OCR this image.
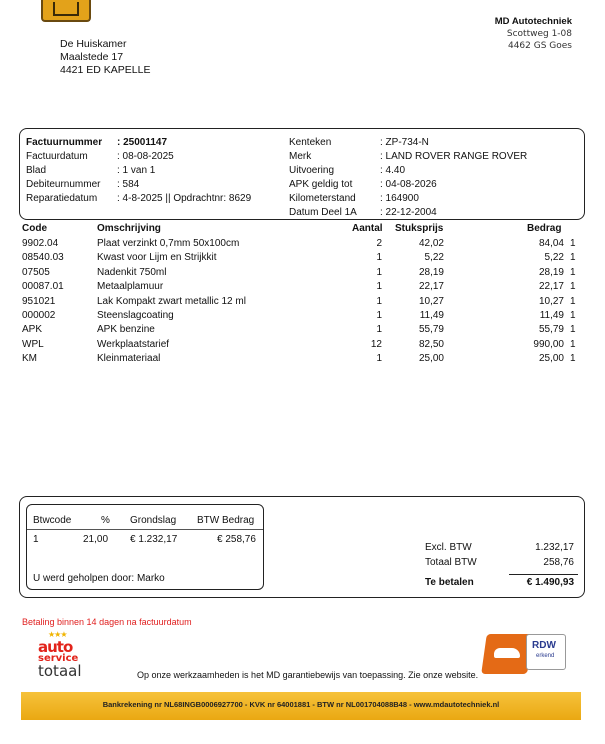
MD Autotechniek
Scottweg 1-08
4462 GS Goes
De Huiskamer
Maalstede 17
4421 ED KAPELLE
Factuurnummer : 25001147	Kenteken	: ZP-734-N
Factuurdatum	: 08-08-2025	Merk	: LAND ROVER RANGE ROVER
Blad	: 1 van 1	Uitvoering	: 4.40
Debiteurnummer : 584	APK geldig tot	: 04-08-2026
Reparatiedatum : 4-8-2025 || Opdrachtnr: 8629	Kilometerstand : 164900
Datum Deel 1A : 22-12-2004
Code	Omschrijving	Aantal Stuksprijs	Bedrag
9902.04	Plaat verzinkt 0,7mm 50x100cm	2	42,02	84,04 1
08540.03	Kwast voor Lijm en Strijkkit	1	5,22	5,22 1
07505	Nadenkit 750ml	1	28,19	28,19 1
00087.01	Metaalplamuur	1	22,17	22,17 1
951021	Lak Kompakt zwart metallic 12 ml	1	10,27	10,27 1
000002	Steenslagcoating	1	11,49	11,49 1
APK	APK benzine	1	55,79	55,79 1
WPL	Werkplaatstarief	12	82,50	990,00 1
KM	Kleinmateriaal	1	25,00	25,00 1
Btwcode	% Grondslag BTW Bedrag
1	21,00 € 1.232,17	€ 258,76
U werd geholpen door: Marko
Excl. BTW	1.232,17
Totaal BTW	258,76
Te betalen	€ 1.490,93
Betaling binnen 14 dagen na factuurdatum
★★★
auto
service
totaal	Op onze werkzaamheden is het MD garantiebewijs van toepassing. Zie onze website.
RDW
erkend
Bankrekening nr NL68INGB0006927700 - KVK nr 64001881 - BTW nr NL001704088B48 - www.mdautotechniek.nl
